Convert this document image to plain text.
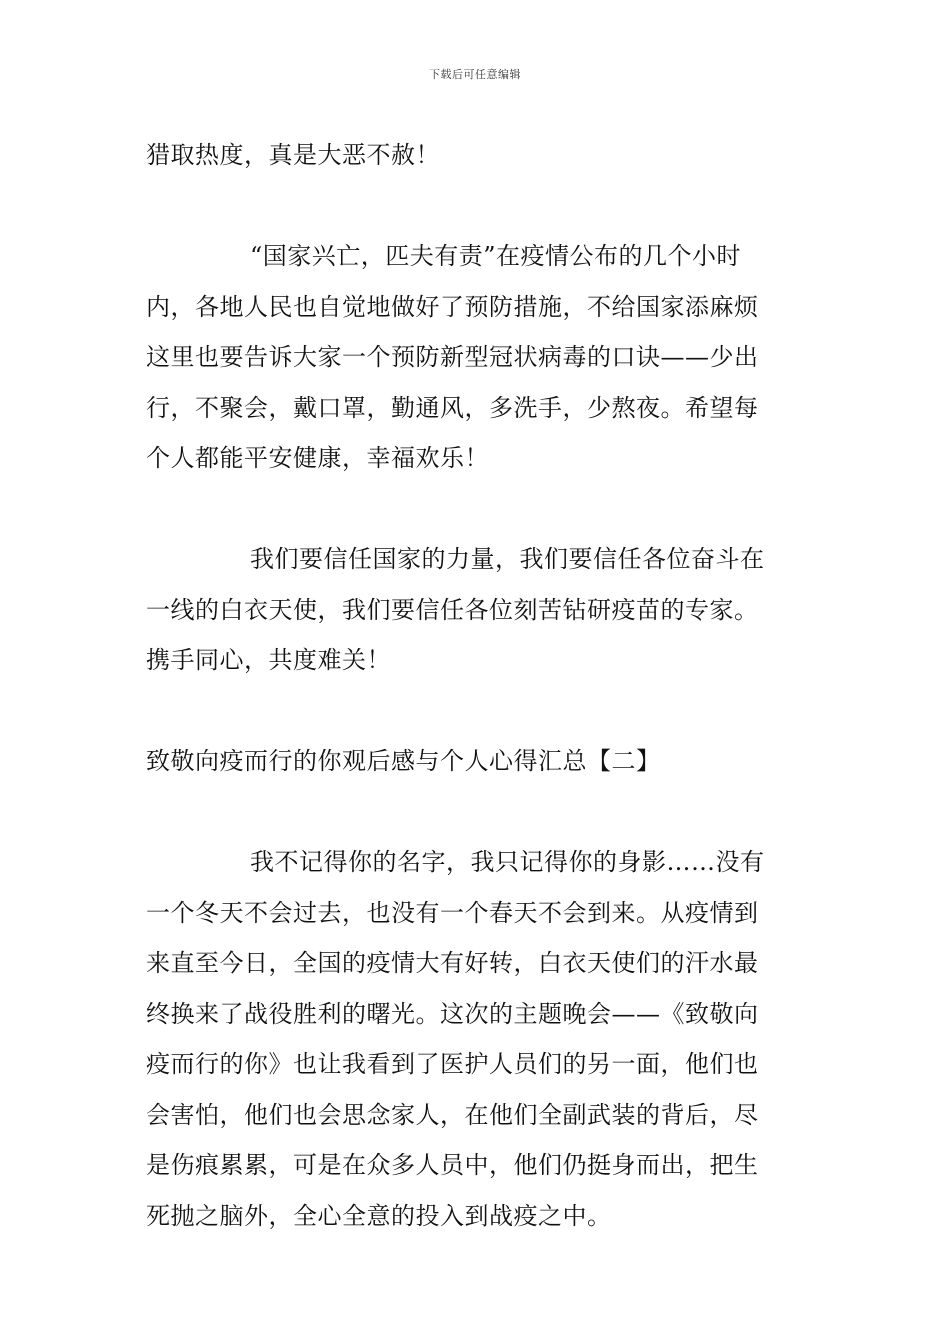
下载后可任意编辑
猎取热度，真是大恶不赦！
“国家兴亡，匹夫有责”在疫情公布的几个小时
内，各地人民也自觉地做好了预防措施，不给国家添麻烦
这里也要告诉大家一个预防新型冠状病毒的口诀——少出
行，不聚会，戴口罩，勤通风，多洗手，少熬夜。希望每
个人都能平安健康，幸福欢乐！
我们要信任国家的力量，我们要信任各位奋斗在
一线的白衣天使，我们要信任各位刻苦钻研疫苗的专家。
携手同心，共度难关！
致敬向疫而行的你观后感与个人心得汇总【二】
我不记得你的名字，我只记得你的身影……没有
一个冬天不会过去，也没有一个春天不会到来。从疫情到
来直至今日，全国的疫情大有好转，白衣天使们的汗水最
终换来了战役胜利的曙光。这次的主题晚会——《致敬向
疫而行的你》也让我看到了医护人员们的另一面，他们也
会害怕，他们也会思念家人，在他们全副武装的背后，尽
是伤痕累累，可是在众多人员中，他们仍挺身而出，把生
死抛之脑外，全心全意的投入到战疫之中。
